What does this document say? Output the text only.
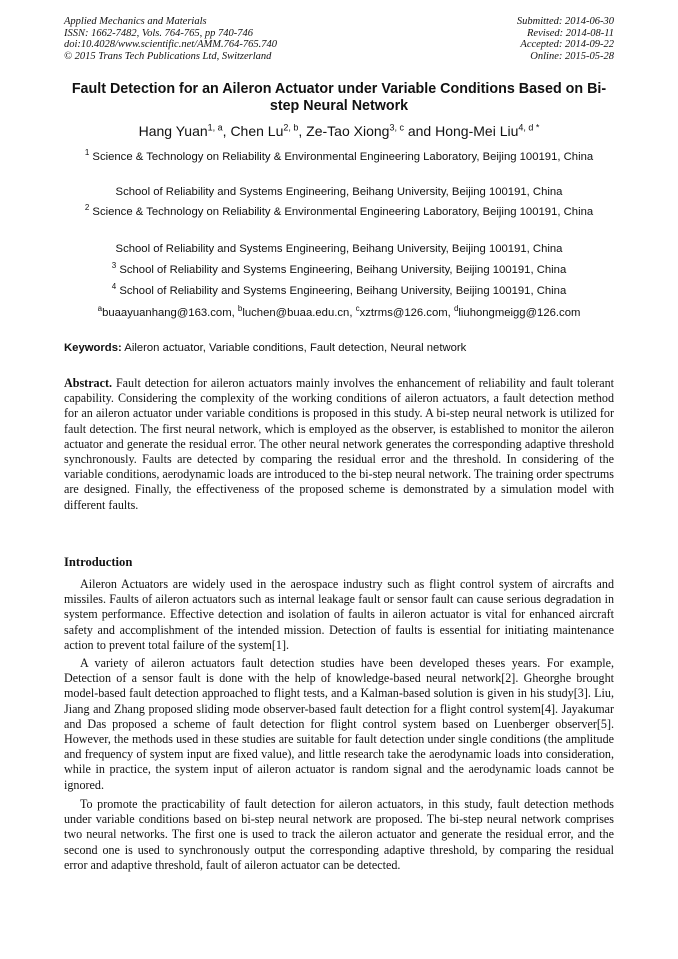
Applied Mechanics and Materials
ISSN: 1662-7482, Vols. 764-765, pp 740-746
doi:10.4028/www.scientific.net/AMM.764-765.740
© 2015 Trans Tech Publications Ltd, Switzerland
Submitted: 2014-06-30
Revised: 2014-08-11
Accepted: 2014-09-22
Online: 2015-05-28
Fault Detection for an Aileron Actuator under Variable Conditions Based on Bi-step Neural Network
Hang Yuan$^{1, a}$, Chen Lu$^{2, b}$, Ze-Tao Xiong$^{3, c}$ and Hong-Mei Liu$^{4, d *}$
$^1$ Science & Technology on Reliability & Environmental Engineering Laboratory, Beijing 100191, China
School of Reliability and Systems Engineering, Beihang University, Beijing 100191, China
$^2$ Science & Technology on Reliability & Environmental Engineering Laboratory, Beijing 100191, China
School of Reliability and Systems Engineering, Beihang University, Beijing 100191, China
$^3$ School of Reliability and Systems Engineering, Beihang University, Beijing 100191, China
$^4$ School of Reliability and Systems Engineering, Beihang University, Beijing 100191, China
$^a$buaayuanhang@163.com, $^b$luchen@buaa.edu.cn, $^c$xztrms@126.com, $^d$liuhongmeigg@126.com
Keywords: Aileron actuator, Variable conditions, Fault detection, Neural network
Abstract. Fault detection for aileron actuators mainly involves the enhancement of reliability and fault tolerant capability. Considering the complexity of the working conditions of aileron actuators, a fault detection method for an aileron actuator under variable conditions is proposed in this study. A bi-step neural network is utilized for fault detection. The first neural network, which is employed as the observer, is established to monitor the aileron actuator and generate the residual error. The other neural network generates the corresponding adaptive threshold synchronously. Faults are detected by comparing the residual error and the threshold. In considering of the variable conditions, aerodynamic loads are introduced to the bi-step neural network. The training order spectrums are designed. Finally, the effectiveness of the proposed scheme is demonstrated by a simulation model with different faults.
Introduction
Aileron Actuators are widely used in the aerospace industry such as flight control system of aircrafts and missiles. Faults of aileron actuators such as internal leakage fault or sensor fault can cause serious degradation in system performance. Effective detection and isolation of faults in aileron actuator is vital for enhanced aircraft safety and accomplishment of the intended mission. Detection of faults is essential for initiating maintenance action to prevent total failure of the system[1].
A variety of aileron actuators fault detection studies have been developed theses years. For example, Detection of a sensor fault is done with the help of knowledge-based neural network[2]. Gheorghe brought model-based fault detection approached to flight tests, and a Kalman-based solution is given in his study[3]. Liu, Jiang and Zhang proposed sliding mode observer-based fault detection for a flight control system[4]. Jayakumar and Das proposed a scheme of fault detection for flight control system based on Luenberger observer[5]. However, the methods used in these studies are suitable for fault detection under single conditions (the amplitude and frequency of system input are fixed value), and little research take the aerodynamic loads into consideration, while in practice, the system input of aileron actuator is random signal and the aerodynamic loads cannot be ignored.
To promote the practicability of fault detection for aileron actuators, in this study, fault detection methods under variable conditions based on bi-step neural network are proposed. The bi-step neural network comprises two neural networks. The first one is used to track the aileron actuator and generate the residual error, and the second one is used to synchronously output the corresponding adaptive threshold, by comparing the residual error and adaptive threshold, fault of aileron actuator can be detected.
